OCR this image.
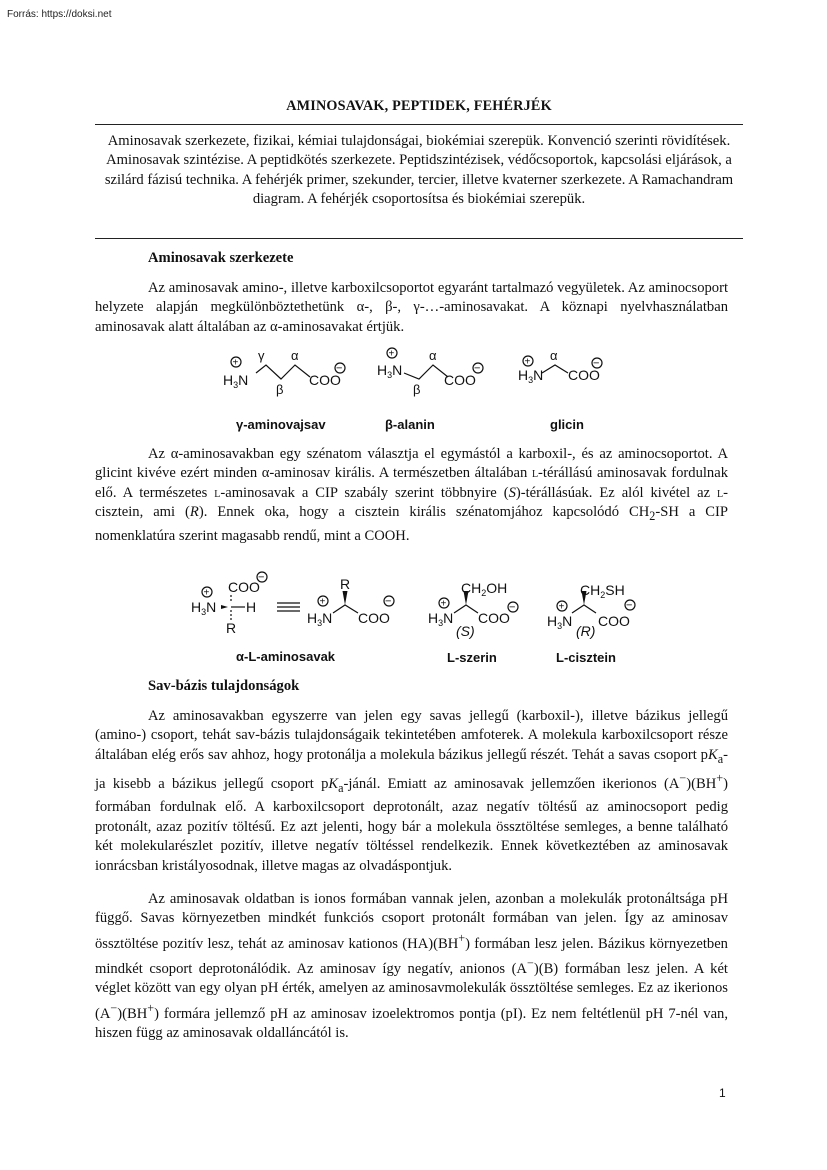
Forrás: https://doksi.net
AMINOSAVAK, PEPTIDEK, FEHÉRJÉK
Aminosavak szerkezete, fizikai, kémiai tulajdonságai, biokémiai szerepük. Konvenció szerinti rövidítések. Aminosavak szintézise. A peptidkötés szerkezete. Peptidszintézisek, védőcsoportok, kapcsolási eljárások, a szilárd fázisú technika. A fehérjék primer, szekunder, tercier, illetve kvaterner szerkezete. A Ramachandram diagram. A fehérjék csoportosítsa és biokémiai szerepük.
Aminosavak szerkezete
Az aminosavak amino-, illetve karboxilcsoportot egyaránt tartalmazó vegyületek. Az aminocsoport helyzete alapján megkülönböztethetünk α-, β-, γ-…-aminosavakat. A köznapi nyelvhasználatban aminosavak alatt általában az α-aminosavakat értjük.
$H_3N$	COO
+	−
γ α
β
$H_3N$
COO
+
−
α
β
$H_3N$ COO
+	−
α
γ-aminovajsav	β-alanin	glicin
Az α-aminosavakban egy szénatom választja el egymástól a karboxil-, és az aminocsoportot. A glicint kivéve ezért minden α-aminosav királis. A természetben általában l-térállású aminosavak fordulnak elő. A természetes l-aminosavak a CIP szabály szerint többnyire (S)-térállásúak. Ez alól kivétel az l-cisztein, ami (R). Ennek oka, hogy a cisztein királis szénatomjához kapcsolódó $CH_2-SH$ a CIP nomenklatúra szerint magasabb rendű, mint a COOH.
COO
+
−
$H_3N$ H
R
R
+	−
$H_3N$ COO
$CH_2OH$
+	−
$H_3N$ COO
(S)
$CH_2SH$
+	−
$H_3N$ COO
(R)
α-L-aminosavak	L-szerin	L-cisztein
Sav-bázis tulajdonságok
Az aminosavakban egyszerre van jelen egy savas jellegű (karboxil-), illetve bázikus jellegű (amino-) csoport, tehát sav-bázis tulajdonságaik tekintetében amfoterek. A molekula karboxilcsoport része általában elég erős sav ahhoz, hogy protonálja a molekula bázikus jellegű részét. Tehát a savas csoport $pK_a-ja$ kisebb a bázikus jellegű csoport $pK_a$-jánál. Emiatt az aminosavak jellemzően ikerionos (A−)(BH+) formában fordulnak elő. A karboxilcsoport deprotonált, azaz negatív töltésű az aminocsoport pedig protonált, azaz pozitív töltésű. Ez azt jelenti, hogy bár a molekula össztöltése semleges, a benne található két molekularészlet pozitív, illetve negatív töltéssel rendelkezik. Ennek következtében az aminosavak ionrácsban kristályosodnak, illetve magas az olvadáspontjuk.
Az aminosavak oldatban is ionos formában vannak jelen, azonban a molekulák protonáltsága pH függő. Savas környezetben mindkét funkciós csoport protonált formában van jelen. Így az aminosav össztöltése pozitív lesz, tehát az aminosav kationos (HA)(BH+) formában lesz jelen. Bázikus környezetben mindkét csoport deprotonálódik. Az aminosav így negatív, anionos (A−)(B) formában lesz jelen. A két véglet között van egy olyan pH érték, amelyen az aminosavmolekulák össztöltése semleges. Ez az ikerionos (A−)(BH+) formára jellemző pH az aminosav izoelektromos pontja (pI). Ez nem feltétlenül pH 7-nél van, hiszen függ az aminosavak oldalláncától is.
1
